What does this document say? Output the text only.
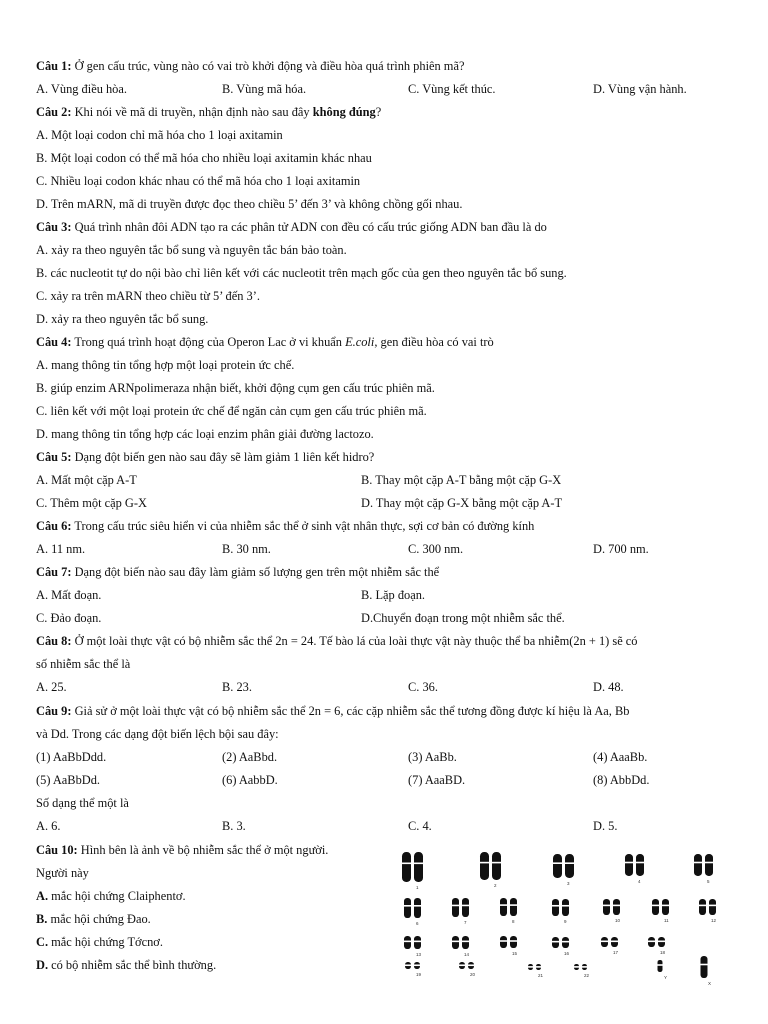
Câu 1: Ở gen cấu trúc, vùng nào có vai trò khởi động và điều hòa quá trình phiên mã?
A. Vùng điều hòa.	B. Vùng mã hóa.	C. Vùng kết thúc.	D. Vùng vận hành.
Câu 2: Khi nói về mã di truyền, nhận định nào sau đây không đúng?
A. Một loại codon chỉ mã hóa cho 1 loại axitamin
B. Một loại codon có thể mã hóa cho nhiều loại axitamin khác nhau
C. Nhiều loại codon khác nhau có thể mã hóa cho 1 loại axitamin
D. Trên mARN, mã di truyền được đọc theo chiều 5’ đến 3’ và không chồng gối nhau.
Câu 3: Quá trình nhân đôi ADN tạo ra các phân tử ADN con đều có cấu trúc giống ADN ban đầu là do
A. xảy ra theo nguyên tắc bổ sung và nguyên tắc bán bảo toàn.
B. các nucleotit tự do nội bào chỉ liên kết với các nucleotit trên mạch gốc của gen theo nguyên tắc bổ sung.
C. xảy ra trên mARN theo chiều từ 5’ đến 3’.
D. xảy ra theo nguyên tắc bổ sung.
Câu 4: Trong quá trình hoạt động của Operon Lac ở vi khuẩn E.coli, gen điều hòa có vai trò
A. mang thông tin tổng hợp một loại protein ức chế.
B. giúp enzim ARNpolimeraza nhận biết, khởi động cụm gen cấu trúc phiên mã.
C. liên kết với một loại protein ức chế để ngăn cản cụm gen cấu trúc phiên mã.
D. mang thông tin tổng hợp các loại enzim phân giải đường lactozo.
Câu 5: Dạng đột biến gen nào sau đây sẽ làm giảm 1 liên kết hidro?
A. Mất một cặp A-T	B. Thay một cặp A-T bằng một cặp G-X
C. Thêm một cặp G-X	D. Thay một cặp G-X bằng một cặp A-T
Câu 6: Trong cấu trúc siêu hiển vi của nhiễm sắc thể ở sinh vật nhân thực, sợi cơ bản có đường kính
A. 11 nm.	B. 30 nm.	C. 300 nm.	D. 700 nm.
Câu 7: Dạng đột biến nào sau đây làm giảm số lượng gen trên một nhiễm sắc thể
A. Mất đoạn.	B. Lặp đoạn.
C. Đảo đoạn.	D.Chuyển đoạn trong một nhiễm sắc thể.
Câu 8: Ở một loài thực vật có bộ nhiễm sắc thể 2n = 24. Tế bào lá của loài thực vật này thuộc thể ba nhiễm(2n + 1) sẽ có
số nhiễm sắc thể là
A. 25.	B. 23.	C. 36.	D. 48.
Câu 9: Giả sử ở một loài thực vật có bộ nhiễm sắc thể 2n = 6, các cặp nhiễm sắc thể tương đồng được kí hiệu là Aa, Bb
và Dd. Trong các dạng đột biến lệch bội sau đây:
(1) AaBbDdd.	(2) AaBbd.	(3) AaBb.	(4) AaaBb.
(5) AaBbDd.	(6) AabbD.	(7) AaaBD.	(8) AbbDd.
Số dạng thể một là
A. 6.	B. 3.	C. 4.	D. 5.
Câu 10: Hình bên là ảnh về bộ nhiễm sắc thể ở một người.
Người này
A. mắc hội chứng Claiphentơ.
B. mắc hội chứng Đao.
C. mắc hội chứng Tớcnơ.
D. có bộ nhiễm sắc thể bình thường.
1	2	3	4	5
6	7	8	9	10	11	12
13	14	15	16	17	18
19	20	21	22	Y
X
